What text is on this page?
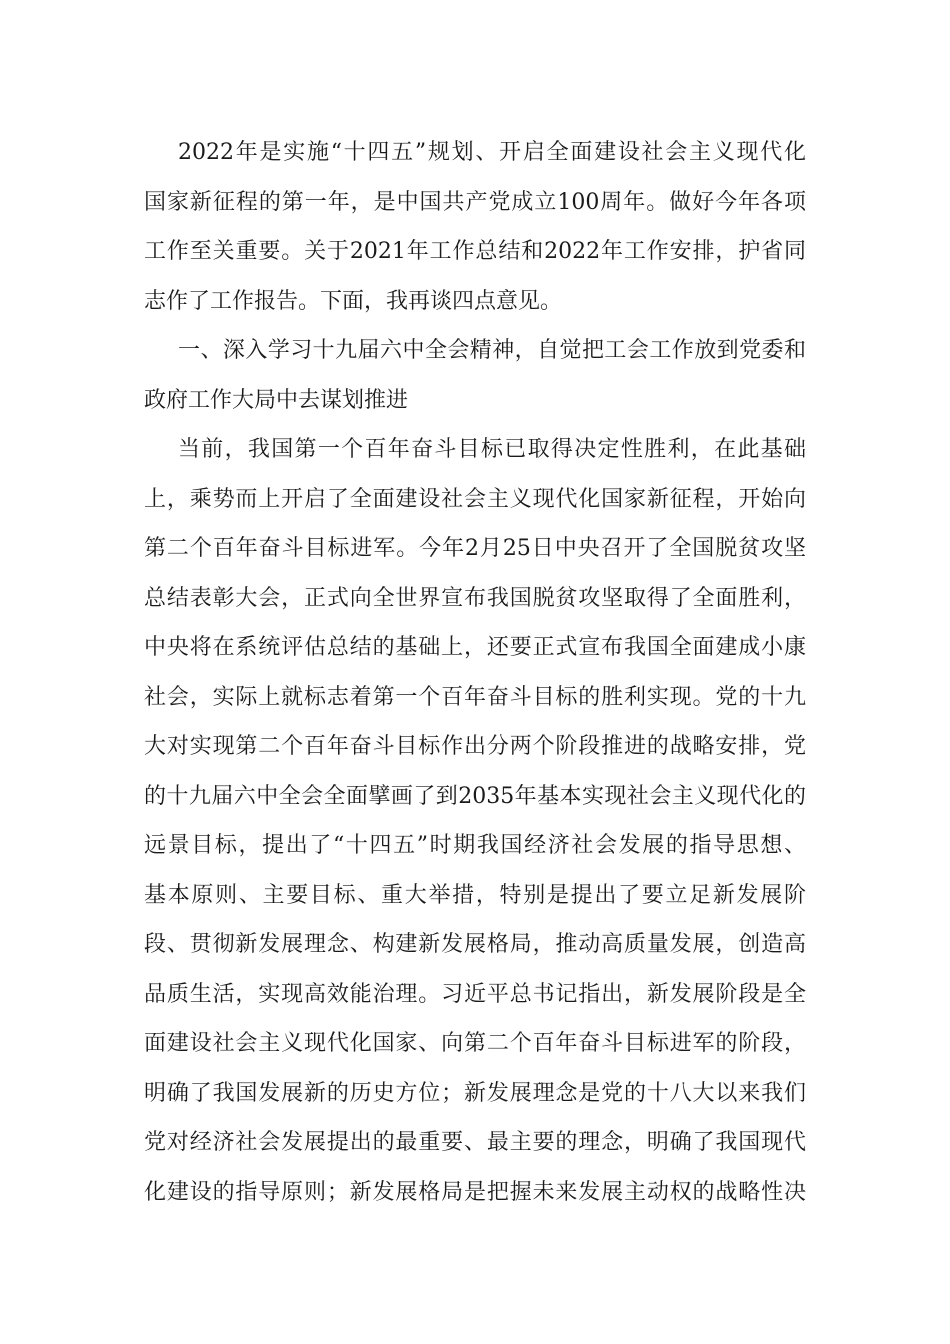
2022年是实施“十四五”规划、开启全面建设社会主义现代化
国家新征程的第一年，是中国共产党成立100周年。做好今年各项
工作至关重要。关于2021年工作总结和2022年工作安排，护省同
志作了工作报告。下面，我再谈四点意见。
一、深入学习十九届六中全会精神，自觉把工会工作放到党委和
政府工作大局中去谋划推进
当前，我国第一个百年奋斗目标已取得决定性胜利，在此基础
上，乘势而上开启了全面建设社会主义现代化国家新征程，开始向
第二个百年奋斗目标进军。今年2月25日中央召开了全国脱贫攻坚
总结表彰大会，正式向全世界宣布我国脱贫攻坚取得了全面胜利，
中央将在系统评估总结的基础上，还要正式宣布我国全面建成小康
社会，实际上就标志着第一个百年奋斗目标的胜利实现。党的十九
大对实现第二个百年奋斗目标作出分两个阶段推进的战略安排，党
的十九届六中全会全面擘画了到2035年基本实现社会主义现代化的
远景目标，提出了“十四五”时期我国经济社会发展的指导思想、
基本原则、主要目标、重大举措，特别是提出了要立足新发展阶
段、贯彻新发展理念、构建新发展格局，推动高质量发展，创造高
品质生活，实现高效能治理。习近平总书记指出，新发展阶段是全
面建设社会主义现代化国家、向第二个百年奋斗目标进军的阶段，
明确了我国发展新的历史方位；新发展理念是党的十八大以来我们
党对经济社会发展提出的最重要、最主要的理念，明确了我国现代
化建设的指导原则；新发展格局是把握未来发展主动权的战略性决
